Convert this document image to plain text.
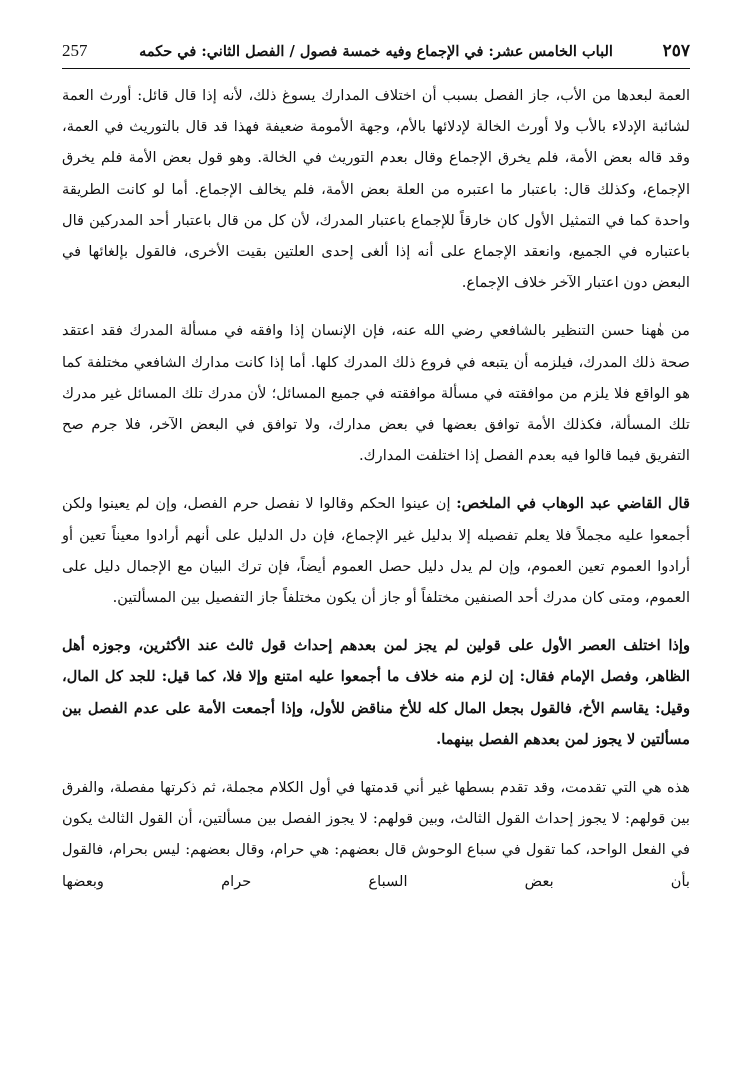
257	الباب الخامس عشر: في الإجماع وفيه خمسة فصول / الفصل الثاني: في حكمه	٢٥٧

العمة لبعدها من الأب، جاز الفصل بسبب أن اختلاف المدارك يسوغ ذلك، لأنه إذا قال قائل: أورث العمة لشائبة الإدلاء بالأب ولا أورث الخالة لإدلائها بالأم، وجهة الأمومة ضعيفة فهذا قد قال بالتوريث في العمة، وقد قاله بعض الأمة، فلم يخرق الإجماع وقال بعدم التوريث في الخالة. وهو قول بعض الأمة فلم يخرق الإجماع، وكذلك قال: باعتبار ما اعتبره من العلة بعض الأمة، فلم يخالف الإجماع. أما لو كانت الطريقة واحدة كما في التمثيل الأول كان خارقاً للإجماع باعتبار المدرك، لأن كل من قال باعتبار أحد المدركين قال باعتباره في الجميع، وانعقد الإجماع على أنه إذا ألغى إحدى العلتين بقيت الأخرى، فالقول بإلغائها في البعض دون اعتبار الآخر خلاف الإجماع.

من هٰهنا حسن التنظير بالشافعي رضي الله عنه، فإن الإنسان إذا وافقه في مسألة المدرك فقد اعتقد صحة ذلك المدرك، فيلزمه أن يتبعه في فروع ذلك المدرك كلها. أما إذا كانت مدارك الشافعي مختلفة كما هو الواقع فلا يلزم من موافقته في مسألة موافقته في جميع المسائل؛ لأن مدرك تلك المسائل غير مدرك تلك المسألة، فكذلك الأمة توافق بعضها في بعض مدارك، ولا توافق في البعض الآخر، فلا جرم صح التفريق فيما قالوا فيه بعدم الفصل إذا اختلفت المدارك.

قال القاضي عبد الوهاب في الملخص: إن عينوا الحكم وقالوا لا نفصل حرم الفصل، وإن لم يعينوا ولكن أجمعوا عليه مجملاً فلا يعلم تفصيله إلا بدليل غير الإجماع، فإن دل الدليل على أنهم أرادوا معيناً تعين أو أرادوا العموم تعين العموم، وإن لم يدل دليل حصل العموم أيضاً، فإن ترك البيان مع الإجمال دليل على العموم، ومتى كان مدرك أحد الصنفين مختلفاً أو جاز أن يكون مختلفاً جاز التفصيل بين المسألتين.

وإذا اختلف العصر الأول على قولين لم يجز لمن بعدهم إحداث قول ثالث عند الأكثرين، وجوزه أهل الظاهر، وفصل الإمام فقال: إن لزم منه خلاف ما أجمعوا عليه امتنع وإلا فلا، كما قيل: للجد كل المال، وقيل: يقاسم الأخ، فالقول بجعل المال كله للأخ مناقض للأول، وإذا أجمعت الأمة على عدم الفصل بين مسألتين لا يجوز لمن بعدهم الفصل بينهما.

هذه هي التي تقدمت، وقد تقدم بسطها غير أني قدمتها في أول الكلام مجملة، ثم ذكرتها مفصلة، والفرق بين قولهم: لا يجوز إحداث القول الثالث، وبين قولهم: لا يجوز الفصل بين مسألتين، أن القول الثالث يكون في الفعل الواحد، كما تقول في سباع الوحوش قال بعضهم: هي حرام، وقال بعضهم: ليس بحرام، فالقول بأن بعض السباع حرام وبعضها
